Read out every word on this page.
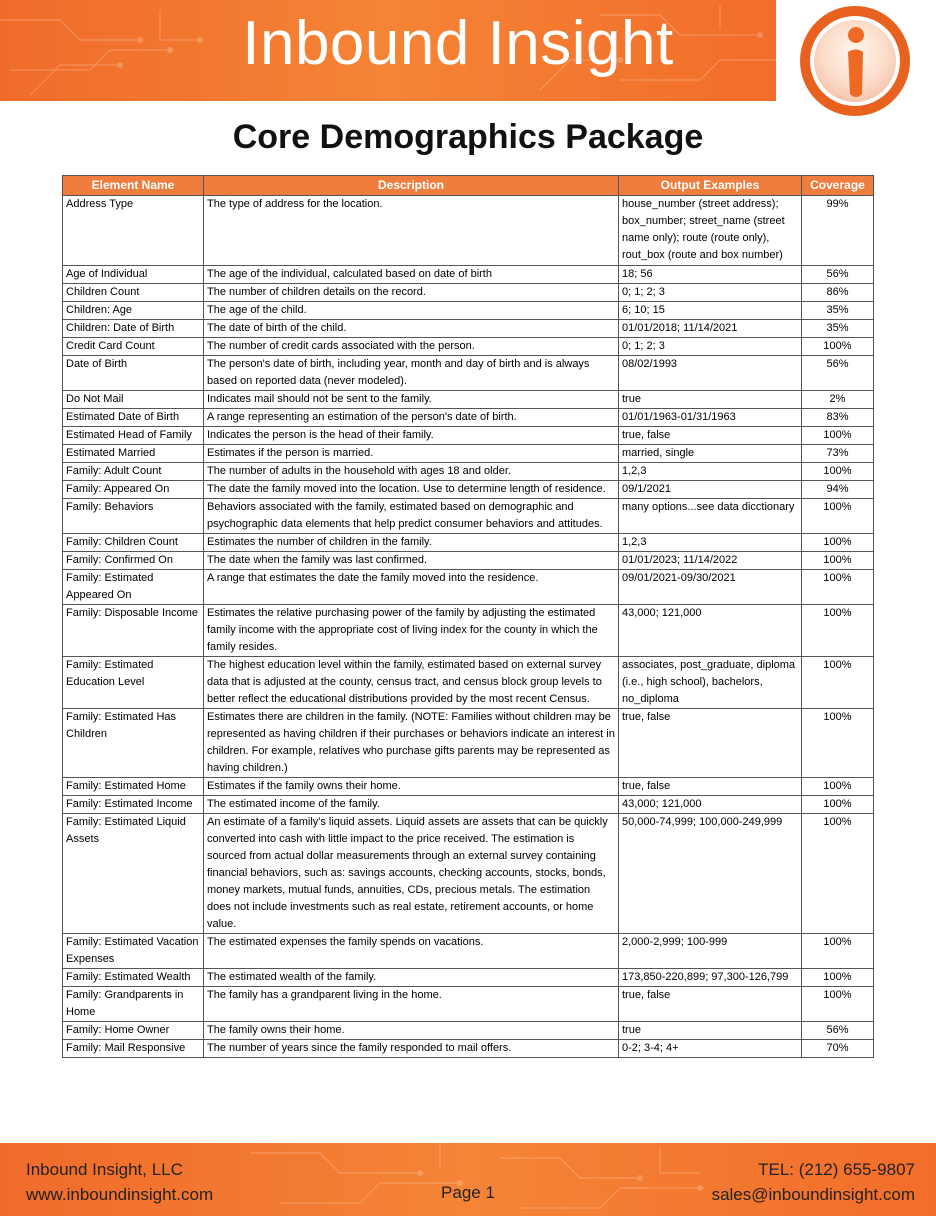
Inbound Insight
Core Demographics Package
Element Name	Description	Output Examples	Coverage
Address Type	The type of address for the location.	house_number (street address); box_number; street_name (street name only); route (route only), rout_box (route and box number)	99%
Age of Individual	The age of the individual, calculated based on date of birth	18; 56	56%
Children Count	The number of children details on the record.	0; 1; 2; 3	86%
Children: Age	The age of the child.	6; 10; 15	35%
Children: Date of Birth	The date of birth of the child.	01/01/2018; 11/14/2021	35%
Credit Card Count	The number of credit cards associated with the person.	0; 1; 2; 3	100%
Date of Birth	The person's date of birth, including year, month and day of birth and is always based on reported data (never modeled).	08/02/1993	56%
Do Not Mail	Indicates mail should not be sent to the family.	true	2%
Estimated Date of Birth	A range representing an estimation of the person's date of birth.	01/01/1963-01/31/1963	83%
Estimated Head of Family	Indicates the person is the head of their family.	true, false	100%
Estimated Married	Estimates if the person is married.	married, single	73%
Family: Adult Count	The number of adults in the household with ages 18 and older.	1,2,3	100%
Family: Appeared On	The date the family moved into the location. Use to determine length of residence.	09/1/2021	94%
Family: Behaviors	Behaviors associated with the family, estimated based on demographic and psychographic data elements that help predict consumer behaviors and attitudes.	many options...see data dicctionary	100%
Family: Children Count	Estimates the number of children in the family.	1,2,3	100%
Family: Confirmed On	The date when the family was last confirmed.	01/01/2023; 11/14/2022	100%
Family: Estimated Appeared On	A range that estimates the date the family moved into the residence.	09/01/2021-09/30/2021	100%
Family: Disposable Income	Estimates the relative purchasing power of the family by adjusting the estimated family income with the appropriate cost of living index for the county in which the family resides.	43,000; 121,000	100%
Family: Estimated Education Level	The highest education level within the family, estimated based on external survey data that is adjusted at the county, census tract, and census block group levels to better reflect the educational distributions provided by the most recent Census.	associates, post_graduate, diploma (i.e., high school), bachelors, no_diploma	100%
Family: Estimated Has Children	Estimates there are children in the family. (NOTE: Families without children may be represented as having children if their purchases or behaviors indicate an interest in children. For example, relatives who purchase gifts parents may be represented as having children.)	true, false	100%
Family: Estimated Home	Estimates if the family owns their home.	true, false	100%
Family: Estimated Income	The estimated income of the family.	43,000; 121,000	100%
Family: Estimated Liquid Assets	An estimate of a family's liquid assets. Liquid assets are assets that can be quickly converted into cash with little impact to the price received. The estimation is sourced from actual dollar measurements through an external survey containing financial behaviors, such as: savings accounts, checking accounts, stocks, bonds, money markets, mutual funds, annuities, CDs, precious metals. The estimation does not include investments such as real estate, retirement accounts, or home value.	50,000-74,999; 100,000-249,999	100%
Family: Estimated Vacation Expenses	The estimated expenses the family spends on vacations.	2,000-2,999; 100-999	100%
Family: Estimated Wealth	The estimated wealth of the family.	173,850-220,899; 97,300-126,799	100%
Family: Grandparents in Home	The family has a grandparent living in the home.	true, false	100%
Family: Home Owner	The family owns their home.	true	56%
Family: Mail Responsive	The number of years since the family responded to mail offers.	0-2; 3-4; 4+	70%
Inbound Insight, LLC
www.inboundinsight.com	Page 1
TEL: (212) 655-9807
sales@inboundinsight.com
